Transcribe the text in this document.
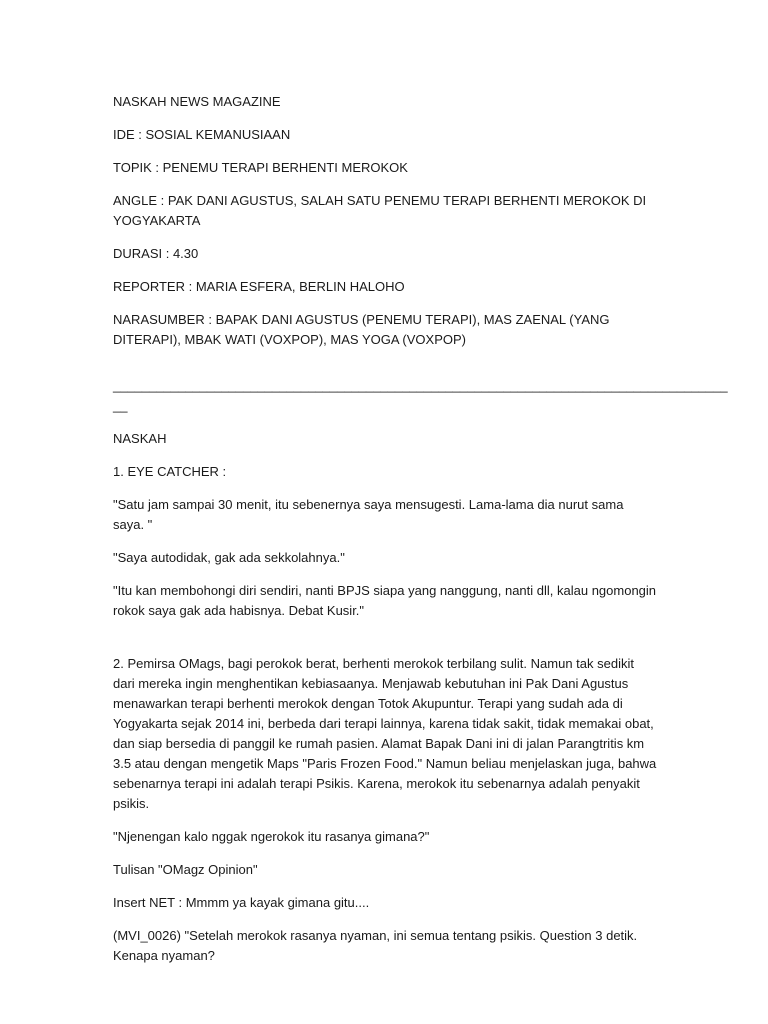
NASKAH NEWS MAGAZINE

IDE : SOSIAL KEMANUSIAAN

TOPIK : PENEMU TERAPI BERHENTI MEROKOK

ANGLE : PAK DANI AGUSTUS, SALAH SATU PENEMU TERAPI BERHENTI MEROKOK DI YOGYAKARTA

DURASI : 4.30

REPORTER : MARIA ESFERA, BERLIN HALOHO

NARASUMBER : BAPAK DANI AGUSTUS (PENEMU TERAPI), MAS ZAENAL (YANG DITERAPI), MBAK WATI (VOXPOP), MAS YOGA (VOXPOP)

_____________________________________________________________________________________

__

NASKAH

1. EYE CATCHER :

"Satu jam sampai 30 menit, itu sebenernya saya mensugesti. Lama-lama dia nurut sama saya. "

"Saya autodidak, gak ada sekkolahnya."

"Itu kan membohongi diri sendiri, nanti BPJS siapa yang nanggung, nanti dll, kalau ngomongin rokok saya gak ada habisnya. Debat Kusir."

2. Pemirsa OMags, bagi perokok berat, berhenti merokok terbilang sulit. Namun tak sedikit dari mereka ingin menghentikan kebiasaanya. Menjawab kebutuhan ini Pak Dani Agustus menawarkan terapi berhenti merokok dengan Totok Akupuntur. Terapi yang sudah ada di Yogyakarta sejak 2014 ini, berbeda dari terapi lainnya, karena tidak sakit, tidak memakai obat, dan siap bersedia di panggil ke rumah pasien. Alamat Bapak Dani ini di jalan Parangtritis km 3.5 atau dengan mengetik Maps "Paris Frozen Food." Namun beliau menjelaskan juga, bahwa sebenarnya terapi ini adalah terapi Psikis. Karena, merokok itu sebenarnya adalah penyakit psikis.

"Njenengan kalo nggak ngerokok itu rasanya gimana?"

Tulisan "OMagz Opinion"

Insert NET : Mmmm ya kayak gimana gitu....

(MVI_0026) "Setelah merokok rasanya nyaman, ini semua tentang psikis. Question 3 detik. Kenapa nyaman?
